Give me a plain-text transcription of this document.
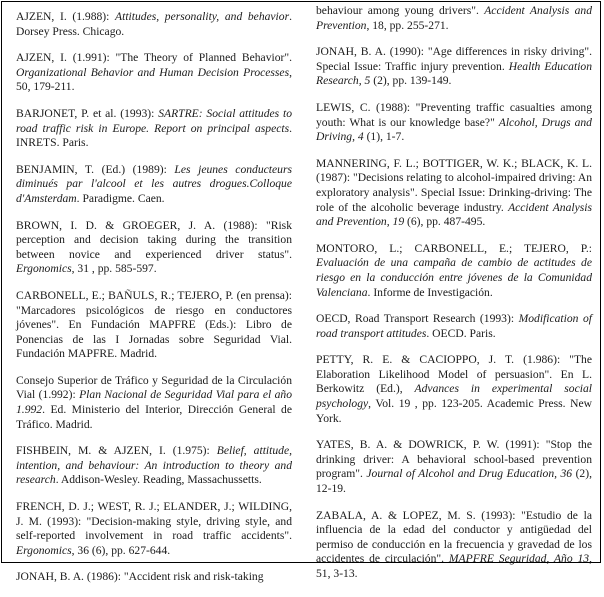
AJZEN, I. (1.988): Attitudes, personality, and behavior. Dorsey Press. Chicago.

AJZEN, I. (1.991): "The Theory of Planned Behavior". Organizational Behavior and Human Decision Processes, 50, 179-211.

BARJONET, P. et al. (1993): SARTRE: Social attitudes to road traffic risk in Europe. Report on principal aspects. INRETS. Paris.

BENJAMIN, T. (Ed.) (1989): Les jeunes conducteurs diminués par l'alcool et les autres drogues.Colloque d'Amsterdam. Paradigme. Caen.

BROWN, I. D. & GROEGER, J. A. (1988): "Risk perception and decision taking during the transition between novice and experienced driver status". Ergonomics, 31 , pp. 585-597.

CARBONELL, E.; BAÑULS, R.; TEJERO, P. (en prensa): "Marcadores psicológicos de riesgo en conductores jóvenes". En Fundación MAPFRE (Eds.): Libro de Ponencias de las I Jornadas sobre Seguridad Vial. Fundación MAPFRE. Madrid.

Consejo Superior de Tráfico y Seguridad de la Circulación Vial (1.992): Plan Nacional de Seguridad Vial para el año 1.992. Ed. Ministerio del Interior, Dirección General de Tráfico. Madrid.

FISHBEIN, M. & AJZEN, I. (1.975): Belief, attitude, intention, and behaviour: An introduction to theory and research. Addison-Wesley. Reading, Massachussetts.

FRENCH, D. J.; WEST, R. J.; ELANDER, J.; WILDING, J. M. (1993): "Decision-making style, driving style, and self-reported involvement in road traffic accidents". Ergonomics, 36 (6), pp. 627-644.

JONAH, B. A. (1986): "Accident risk and risk-taking

behaviour among young drivers". Accident Analysis and Prevention, 18, pp. 255-271.

JONAH, B. A. (1990): "Age differences in risky driving". Special Issue: Traffic injury prevention. Health Education Research, 5 (2), pp. 139-149.

LEWIS, C. (1988): "Preventing traffic casualties among youth: What is our knowledge base?" Alcohol, Drugs and Driving, 4 (1), 1-7.

MANNERING, F. L.; BOTTIGER, W. K.; BLACK, K. L. (1987): "Decisions relating to alcohol-impaired driving: An exploratory analysis". Special Issue: Drinking-driving: The role of the alcoholic beverage industry. Accident Analysis and Prevention, 19 (6), pp. 487-495.

MONTORO, L.; CARBONELL, E.; TEJERO, P.: Evaluación de una campaña de cambio de actitudes de riesgo en la conducción entre jóvenes de la Comunidad Valenciana. Informe de Investigación.

OECD, Road Transport Research (1993): Modification of road transport attitudes. OECD. Paris.

PETTY, R. E. & CACIOPPO, J. T. (1.986): "The Elaboration Likelihood Model of persuasion". En L. Berkowitz (Ed.), Advances in experimental social psychology, Vol. 19 , pp. 123-205. Academic Press. New York.

YATES, B. A. & DOWRICK, P. W. (1991): "Stop the drinking driver: A behavioral school-based prevention program". Journal of Alcohol and Drug Education, 36 (2), 12-19.

ZABALA, A. & LOPEZ, M. S. (1993): "Estudio de la influencia de la edad del conductor y antigüedad del permiso de conducción en la frecuencia y gravedad de los accidentes de circulación". MAPFRE Seguridad, Año 13, 51, 3-13.
